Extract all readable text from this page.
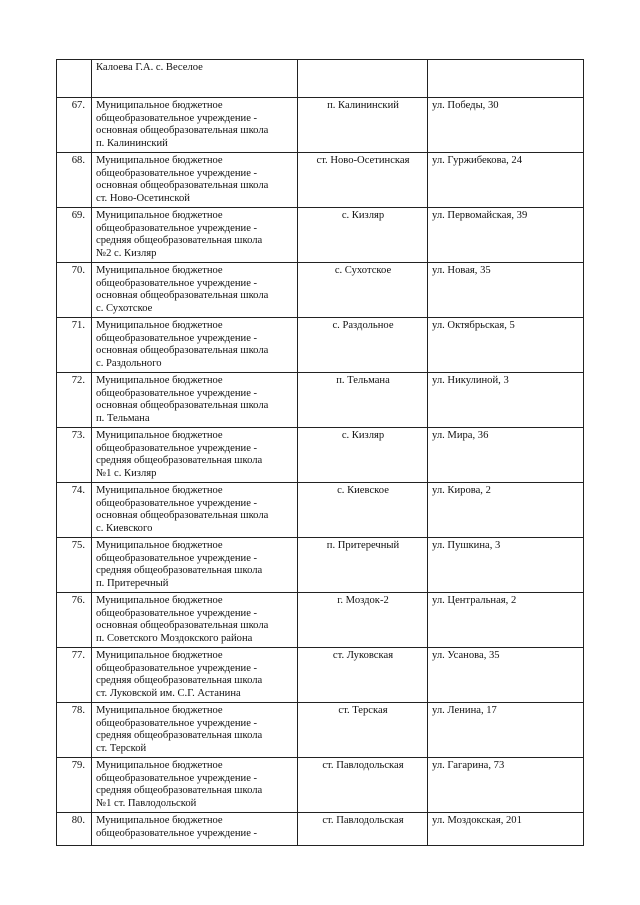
	Калоева Г.А. с. Веселое		
67.	Муниципальное бюджетное
общеобразовательное учреждение -
основная общеобразовательная школа
п. Калининский	п. Калининский	ул. Победы, 30
68.	Муниципальное бюджетное
общеобразовательное учреждение -
основная общеобразовательная школа
ст. Ново-Осетинской	ст. Ново-Осетинская	ул. Гуржибекова, 24
69.	Муниципальное бюджетное
общеобразовательное учреждение -
средняя общеобразовательная школа
№2 с. Кизляр	с. Кизляр	ул. Первомайская, 39
70.	Муниципальное бюджетное
общеобразовательное учреждение -
основная общеобразовательная школа
с. Сухотское	с. Сухотское	ул. Новая, 35
71.	Муниципальное бюджетное
общеобразовательное учреждение -
основная общеобразовательная школа
с. Раздольного	с. Раздольное	ул. Октябрьская, 5
72.	Муниципальное бюджетное
общеобразовательное учреждение -
основная общеобразовательная школа
п. Тельмана	п. Тельмана	ул. Никулиной, 3
73.	Муниципальное бюджетное
общеобразовательное учреждение -
средняя общеобразовательная школа
№1 с. Кизляр	с. Кизляр	ул. Мира, 36
74.	Муниципальное бюджетное
общеобразовательное учреждение -
основная общеобразовательная школа
с. Киевского	с. Киевское	ул. Кирова, 2
75.	Муниципальное бюджетное
общеобразовательное учреждение -
средняя общеобразовательная школа
п. Притеречный	п. Притеречный	ул. Пушкина, 3
76.	Муниципальное бюджетное
общеобразовательное учреждение -
основная общеобразовательная школа
п. Советского Моздокского района	г. Моздок-2	ул. Центральная, 2
77.	Муниципальное бюджетное
общеобразовательное учреждение -
средняя общеобразовательная школа
ст. Луковской им. С.Г. Астанина	ст. Луковская	ул. Усанова, 35
78.	Муниципальное бюджетное
общеобразовательное учреждение -
средняя общеобразовательная школа
ст. Терской	ст. Терская	ул. Ленина, 17
79.	Муниципальное бюджетное
общеобразовательное учреждение -
средняя общеобразовательная школа
№1 ст. Павлодольской	ст. Павлодольская	ул. Гагарина, 73
80.	Муниципальное бюджетное
общеобразовательное учреждение -	ст. Павлодольская	ул. Моздокская, 201
